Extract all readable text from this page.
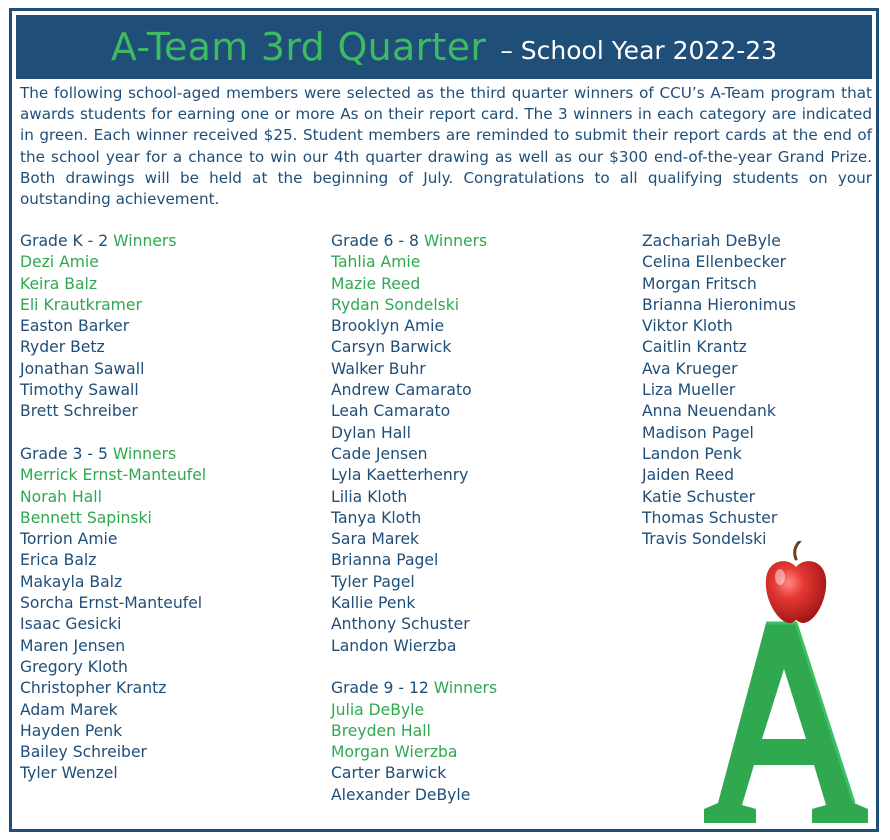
A-Team 3rd Quarter – School Year 2022-23

The following school-aged members were selected as the third quarter winners of CCU’s A-Team program that awards students for earning one or more As on their report card. The 3 winners in each category are indicated in green. Each winner received $25. Student members are reminded to submit their report cards at the end of the school year for a chance to win our 4th quarter drawing as well as our $300 end-of-the-year Grand Prize. Both drawings will be held at the beginning of July. Congratulations to all qualifying students on your outstanding achievement.

Grade K - 2 Winners
Dezi Amie
Keira Balz
Eli Krautkramer
Easton Barker
Ryder Betz
Jonathan Sawall
Timothy Sawall
Brett Schreiber
Grade 3 - 5 Winners
Merrick Ernst-Manteufel
Norah Hall
Bennett Sapinski
Torrion Amie
Erica Balz
Makayla Balz
Sorcha Ernst-Manteufel
Isaac Gesicki
Maren Jensen
Gregory Kloth
Christopher Krantz
Adam Marek
Hayden Penk
Bailey Schreiber
Tyler Wenzel
Grade 6 - 8 Winners
Tahlia Amie
Mazie Reed
Rydan Sondelski
Brooklyn Amie
Carsyn Barwick
Walker Buhr
Andrew Camarato
Leah Camarato
Dylan Hall
Cade Jensen
Lyla Kaetterhenry
Lilia Kloth
Tanya Kloth
Sara Marek
Brianna Pagel
Tyler Pagel
Kallie Penk
Anthony Schuster
Landon Wierzba
Grade 9 - 12 Winners
Julia DeByle
Breyden Hall
Morgan Wierzba
Carter Barwick
Alexander DeByle
Zachariah DeByle
Celina Ellenbecker
Morgan Fritsch
Brianna Hieronimus
Viktor Kloth
Caitlin Krantz
Ava Krueger
Liza Mueller
Anna Neuendank
Madison Pagel
Landon Penk
Jaiden Reed
Katie Schuster
Thomas Schuster
Travis Sondelski
